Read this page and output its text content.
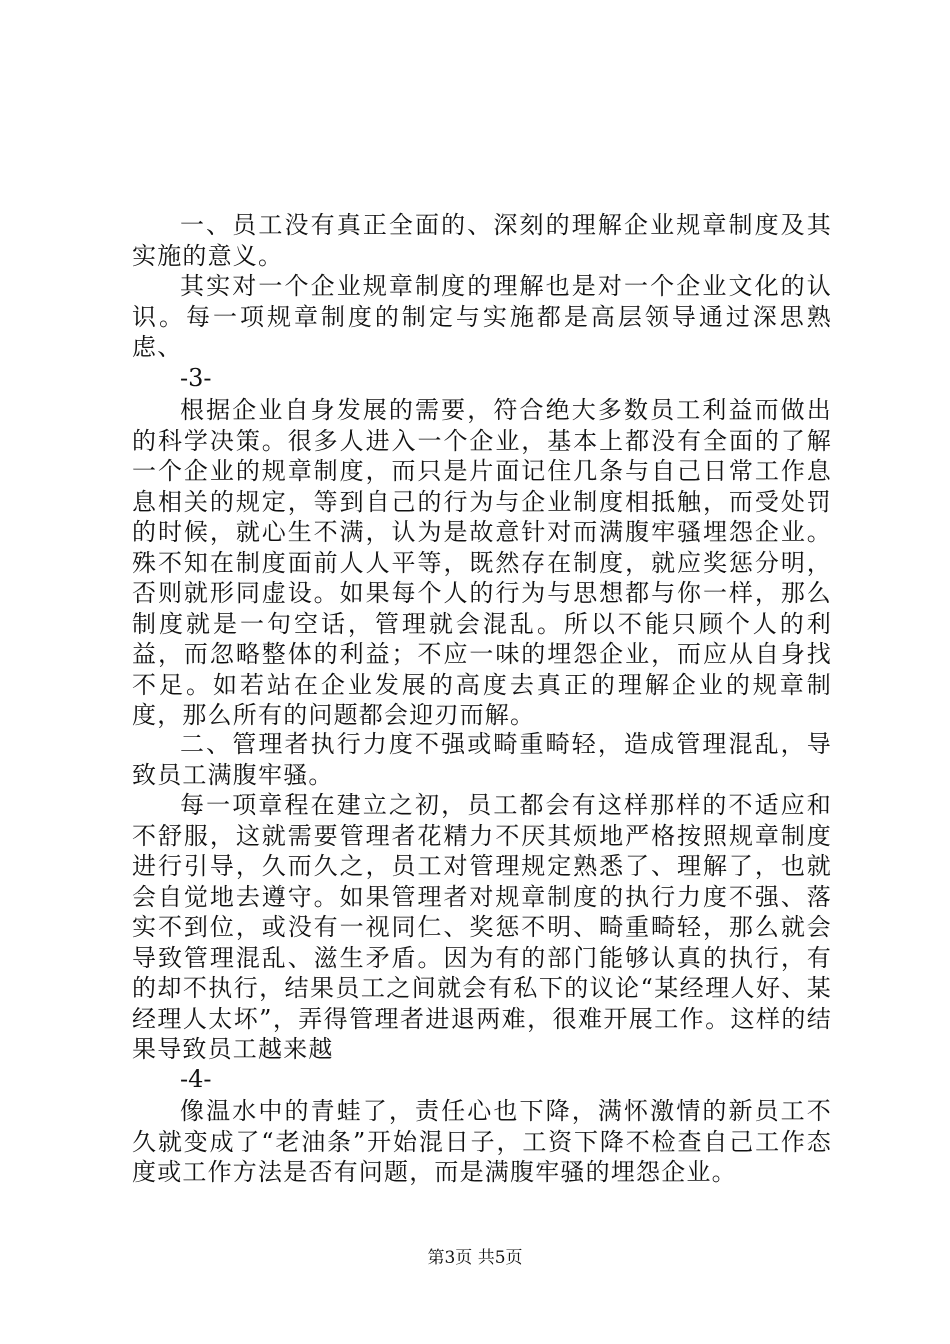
一、员工没有真正全面的、深刻的理解企业规章制度及其实施的意义。

其实对一个企业规章制度的理解也是对一个企业文化的认识。每一项规章制度的制定与实施都是高层领导通过深思熟虑、

-3-

根据企业自身发展的需要，符合绝大多数员工利益而做出的科学决策。很多人进入一个企业，基本上都没有全面的了解一个企业的规章制度，而只是片面记住几条与自己日常工作息息相关的规定，等到自己的行为与企业制度相抵触，而受处罚的时候，就心生不满，认为是故意针对而满腹牢骚埋怨企业。殊不知在制度面前人人平等，既然存在制度，就应奖惩分明，否则就形同虚设。如果每个人的行为与思想都与你一样，那么制度就是一句空话，管理就会混乱。所以不能只顾个人的利益，而忽略整体的利益；不应一味的埋怨企业，而应从自身找不足。如若站在企业发展的高度去真正的理解企业的规章制度，那么所有的问题都会迎刃而解。

二、管理者执行力度不强或畸重畸轻，造成管理混乱，导致员工满腹牢骚。

每一项章程在建立之初，员工都会有这样那样的不适应和不舒服，这就需要管理者花精力不厌其烦地严格按照规章制度进行引导，久而久之，员工对管理规定熟悉了、理解了，也就会自觉地去遵守。如果管理者对规章制度的执行力度不强、落实不到位，或没有一视同仁、奖惩不明、畸重畸轻，那么就会导致管理混乱、滋生矛盾。因为有的部门能够认真的执行，有的却不执行，结果员工之间就会有私下的议论“某经理人好、某经理人太坏”，弄得管理者进退两难，很难开展工作。这样的结果导致员工越来越

-4-

像温水中的青蛙了，责任心也下降，满怀激情的新员工不久就变成了“老油条”开始混日子，工资下降不检查自己工作态度或工作方法是否有问题，而是满腹牢骚的埋怨企业。

第3页 共5页
